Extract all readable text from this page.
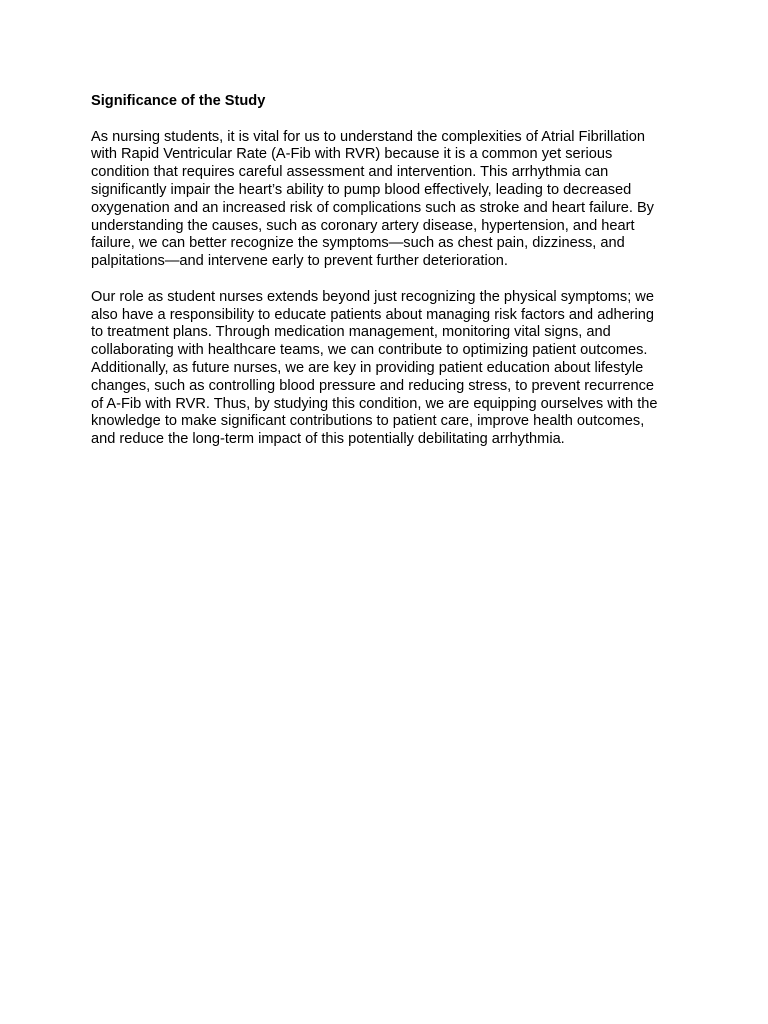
Significance of the Study
As nursing students, it is vital for us to understand the complexities of Atrial Fibrillation
with Rapid Ventricular Rate (A-Fib with RVR) because it is a common yet serious
condition that requires careful assessment and intervention. This arrhythmia can
significantly impair the heart’s ability to pump blood effectively, leading to decreased
oxygenation and an increased risk of complications such as stroke and heart failure. By
understanding the causes, such as coronary artery disease, hypertension, and heart
failure, we can better recognize the symptoms—such as chest pain, dizziness, and
palpitations—and intervene early to prevent further deterioration.
Our role as student nurses extends beyond just recognizing the physical symptoms; we
also have a responsibility to educate patients about managing risk factors and adhering
to treatment plans. Through medication management, monitoring vital signs, and
collaborating with healthcare teams, we can contribute to optimizing patient outcomes.
Additionally, as future nurses, we are key in providing patient education about lifestyle
changes, such as controlling blood pressure and reducing stress, to prevent recurrence
of A-Fib with RVR. Thus, by studying this condition, we are equipping ourselves with the
knowledge to make significant contributions to patient care, improve health outcomes,
and reduce the long-term impact of this potentially debilitating arrhythmia.
